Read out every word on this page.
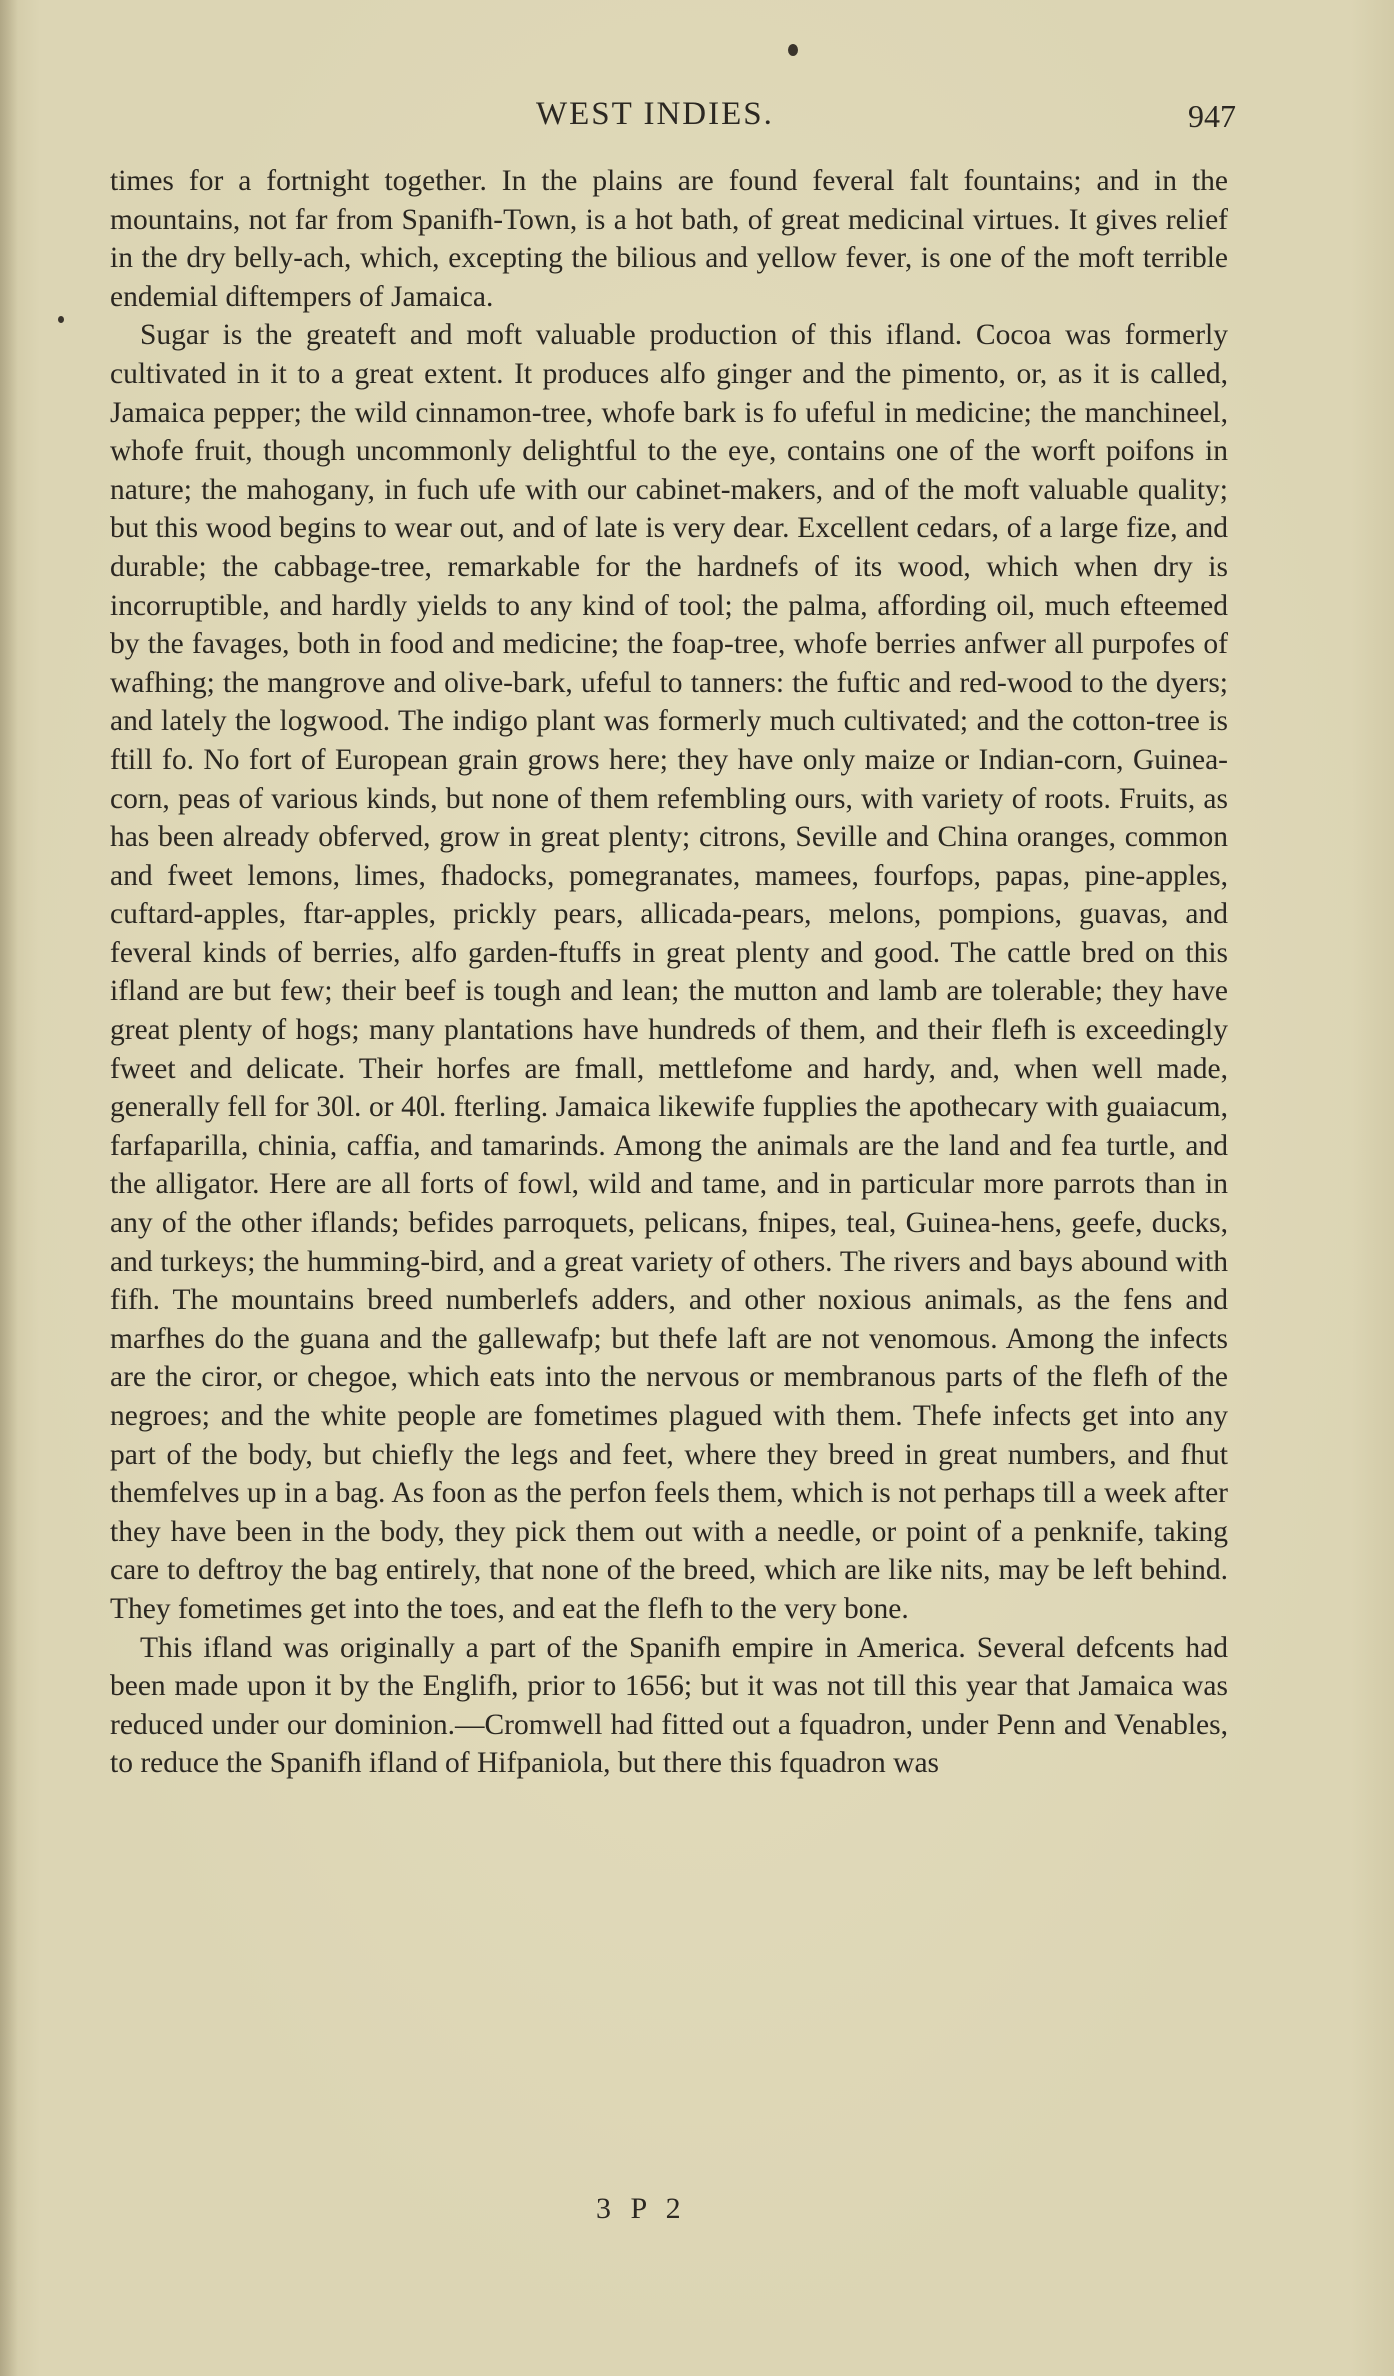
WEST INDIES.	947

times for a fortnight together. In the plains are found feveral falt fountains; and in the mountains, not far from Spanifh-Town, is a hot bath, of great medicinal virtues. It gives relief in the dry belly-ach, which, excepting the bilious and yellow fever, is one of the moft terrible endemial diftempers of Jamaica.

Sugar is the greateft and moft valuable production of this ifland. Cocoa was formerly cultivated in it to a great extent. It produces alfo ginger and the pimento, or, as it is called, Jamaica pepper; the wild cinnamon-tree, whofe bark is fo ufeful in medicine; the manchineel, whofe fruit, though uncommonly delightful to the eye, contains one of the worft poifons in nature; the mahogany, in fuch ufe with our cabinet-makers, and of the moft valuable quality; but this wood begins to wear out, and of late is very dear. Excellent cedars, of a large fize, and durable; the cabbage-tree, remarkable for the hardnefs of its wood, which when dry is incorruptible, and hardly yields to any kind of tool; the palma, affording oil, much efteemed by the favages, both in food and medicine; the foap-tree, whofe berries anfwer all purpofes of wafhing; the mangrove and olive-bark, ufeful to tanners: the fuftic and red-wood to the dyers; and lately the logwood. The indigo plant was formerly much cultivated; and the cotton-tree is ftill fo. No fort of European grain grows here; they have only maize or Indian-corn, Guinea-corn, peas of various kinds, but none of them refembling ours, with variety of roots. Fruits, as has been already obferved, grow in great plenty; citrons, Seville and China oranges, common and fweet lemons, limes, fhadocks, pomegranates, mamees, fourfops, papas, pine-apples, cuftard-apples, ftar-apples, prickly pears, allicada-pears, melons, pompions, guavas, and feveral kinds of berries, alfo garden-ftuffs in great plenty and good. The cattle bred on this ifland are but few; their beef is tough and lean; the mutton and lamb are tolerable; they have great plenty of hogs; many plantations have hundreds of them, and their flefh is exceedingly fweet and delicate. Their horfes are fmall, mettlefome and hardy, and, when well made, generally fell for 30l. or 40l. fterling. Jamaica likewife fupplies the apothecary with guaiacum, farfaparilla, chinia, caffia, and tamarinds. Among the animals are the land and fea turtle, and the alligator. Here are all forts of fowl, wild and tame, and in particular more parrots than in any of the other iflands; befides parroquets, pelicans, fnipes, teal, Guinea-hens, geefe, ducks, and turkeys; the humming-bird, and a great variety of others. The rivers and bays abound with fifh. The mountains breed numberlefs adders, and other noxious animals, as the fens and marfhes do the guana and the gallewafp; but thefe laft are not venomous. Among the infects are the ciror, or chegoe, which eats into the nervous or membranous parts of the flefh of the negroes; and the white people are fometimes plagued with them. Thefe infects get into any part of the body, but chiefly the legs and feet, where they breed in great numbers, and fhut themfelves up in a bag. As foon as the perfon feels them, which is not perhaps till a week after they have been in the body, they pick them out with a needle, or point of a penknife, taking care to deftroy the bag entirely, that none of the breed, which are like nits, may be left behind. They fometimes get into the toes, and eat the flefh to the very bone.

This ifland was originally a part of the Spanifh empire in America. Several defcents had been made upon it by the Englifh, prior to 1656; but it was not till this year that Jamaica was reduced under our dominion.—Cromwell had fitted out a fquadron, under Penn and Venables, to reduce the Spanifh ifland of Hifpaniola, but there this fquadron was

3 P 2
